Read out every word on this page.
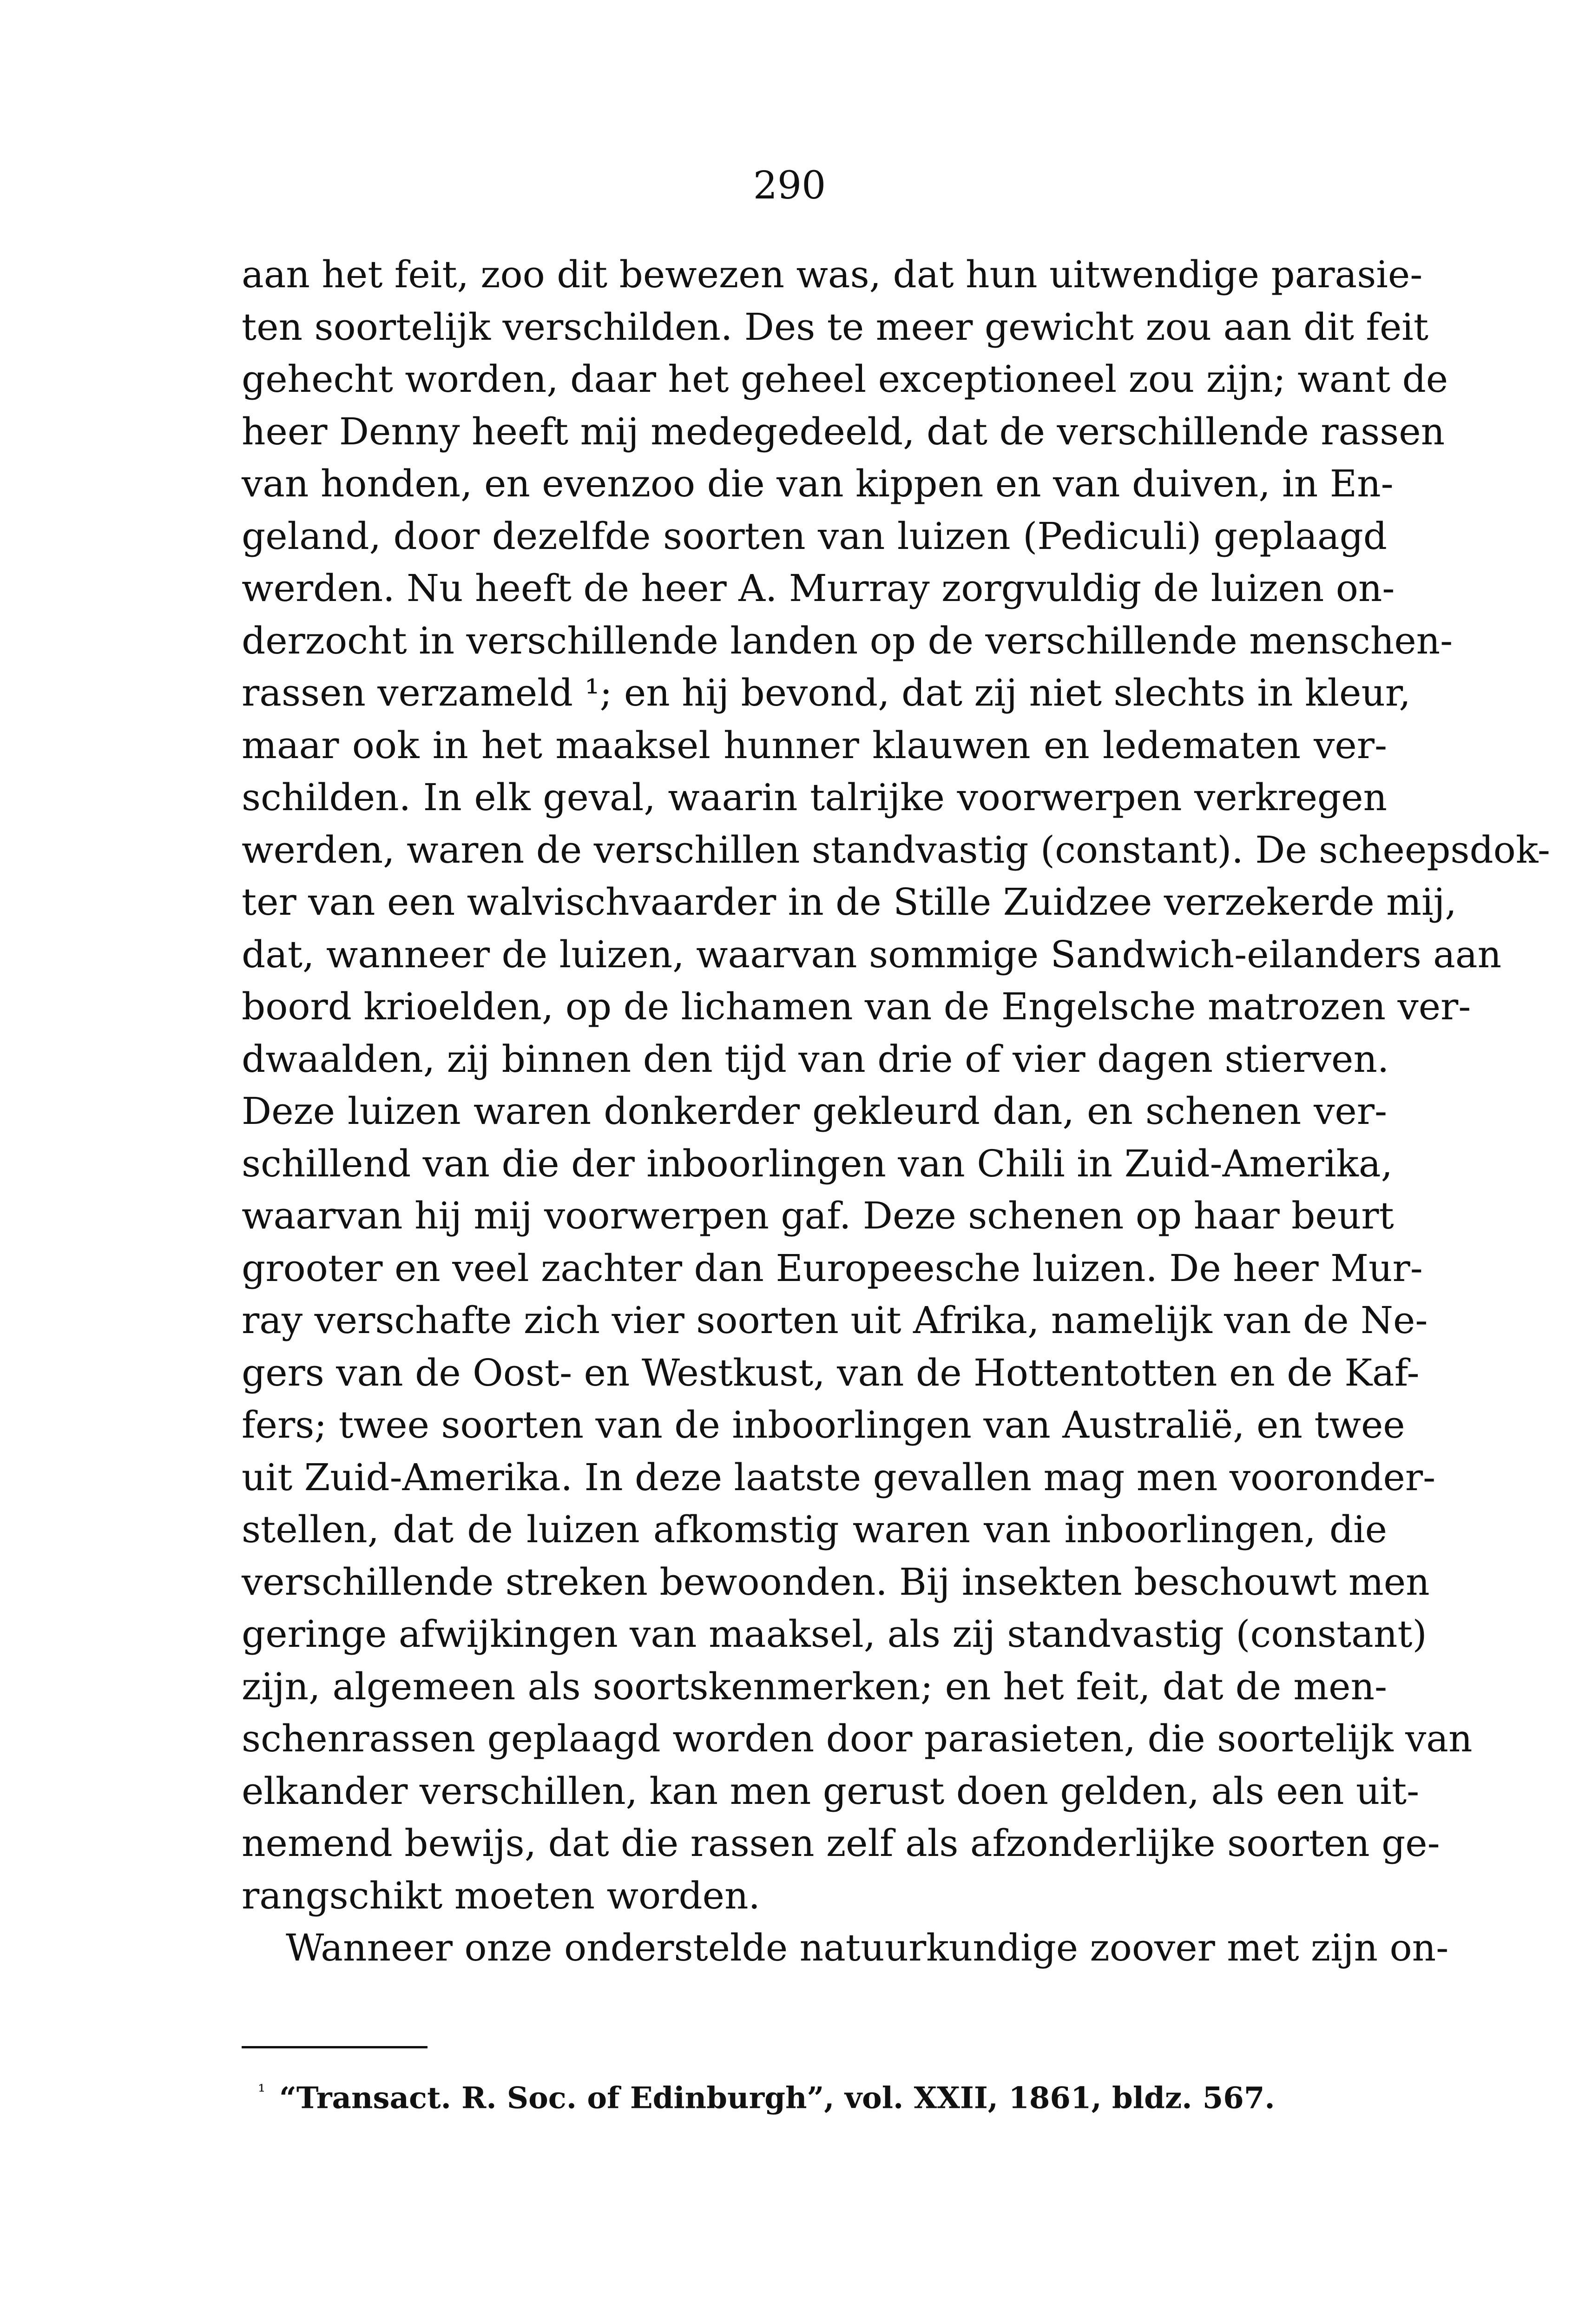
290
aan het feit, zoo dit bewezen was, dat hun uitwendige parasie-
ten soortelijk verschilden. Des te meer gewicht zou aan dit feit
gehecht worden, daar het geheel exceptioneel zou zijn; want de
heer Denny heeft mij medegedeeld, dat de verschillende rassen
van honden, en evenzoo die van kippen en van duiven, in En-
geland, door dezelfde soorten van luizen (Pediculi) geplaagd
werden. Nu heeft de heer A. Murray zorgvuldig de luizen on-
derzocht in verschillende landen op de verschillende menschen-
rassen verzameld ¹; en hij bevond, dat zij niet slechts in kleur,
maar ook in het maaksel hunner klauwen en ledematen ver-
schilden. In elk geval, waarin talrijke voorwerpen verkregen
werden, waren de verschillen standvastig (constant). De scheepsdok-
ter van een walvischvaarder in de Stille Zuidzee verzekerde mij,
dat, wanneer de luizen, waarvan sommige Sandwich-eilanders aan
boord krioelden, op de lichamen van de Engelsche matrozen ver-
dwaalden, zij binnen den tijd van drie of vier dagen stierven.
Deze luizen waren donkerder gekleurd dan, en schenen ver-
schillend van die der inboorlingen van Chili in Zuid-Amerika,
waarvan hij mij voorwerpen gaf. Deze schenen op haar beurt
grooter en veel zachter dan Europeesche luizen. De heer Mur-
ray verschafte zich vier soorten uit Afrika, namelijk van de Ne-
gers van de Oost- en Westkust, van de Hottentotten en de Kaf-
fers; twee soorten van de inboorlingen van Australië, en twee
uit Zuid-Amerika. In deze laatste gevallen mag men vooronder-
stellen, dat de luizen afkomstig waren van inboorlingen, die
verschillende streken bewoonden. Bij insekten beschouwt men
geringe afwijkingen van maaksel, als zij standvastig (constant)
zijn, algemeen als soortskenmerken; en het feit, dat de men-
schenrassen geplaagd worden door parasieten, die soortelijk van
elkander verschillen, kan men gerust doen gelden, als een uit-
nemend bewijs, dat die rassen zelf als afzonderlijke soorten ge-
rangschikt moeten worden.
Wanneer onze onderstelde natuurkundige zoover met zijn on-
$^{^1}$ “Transact. R. Soc. of Edinburgh”, vol. XXII, 1861, bldz. 567.
